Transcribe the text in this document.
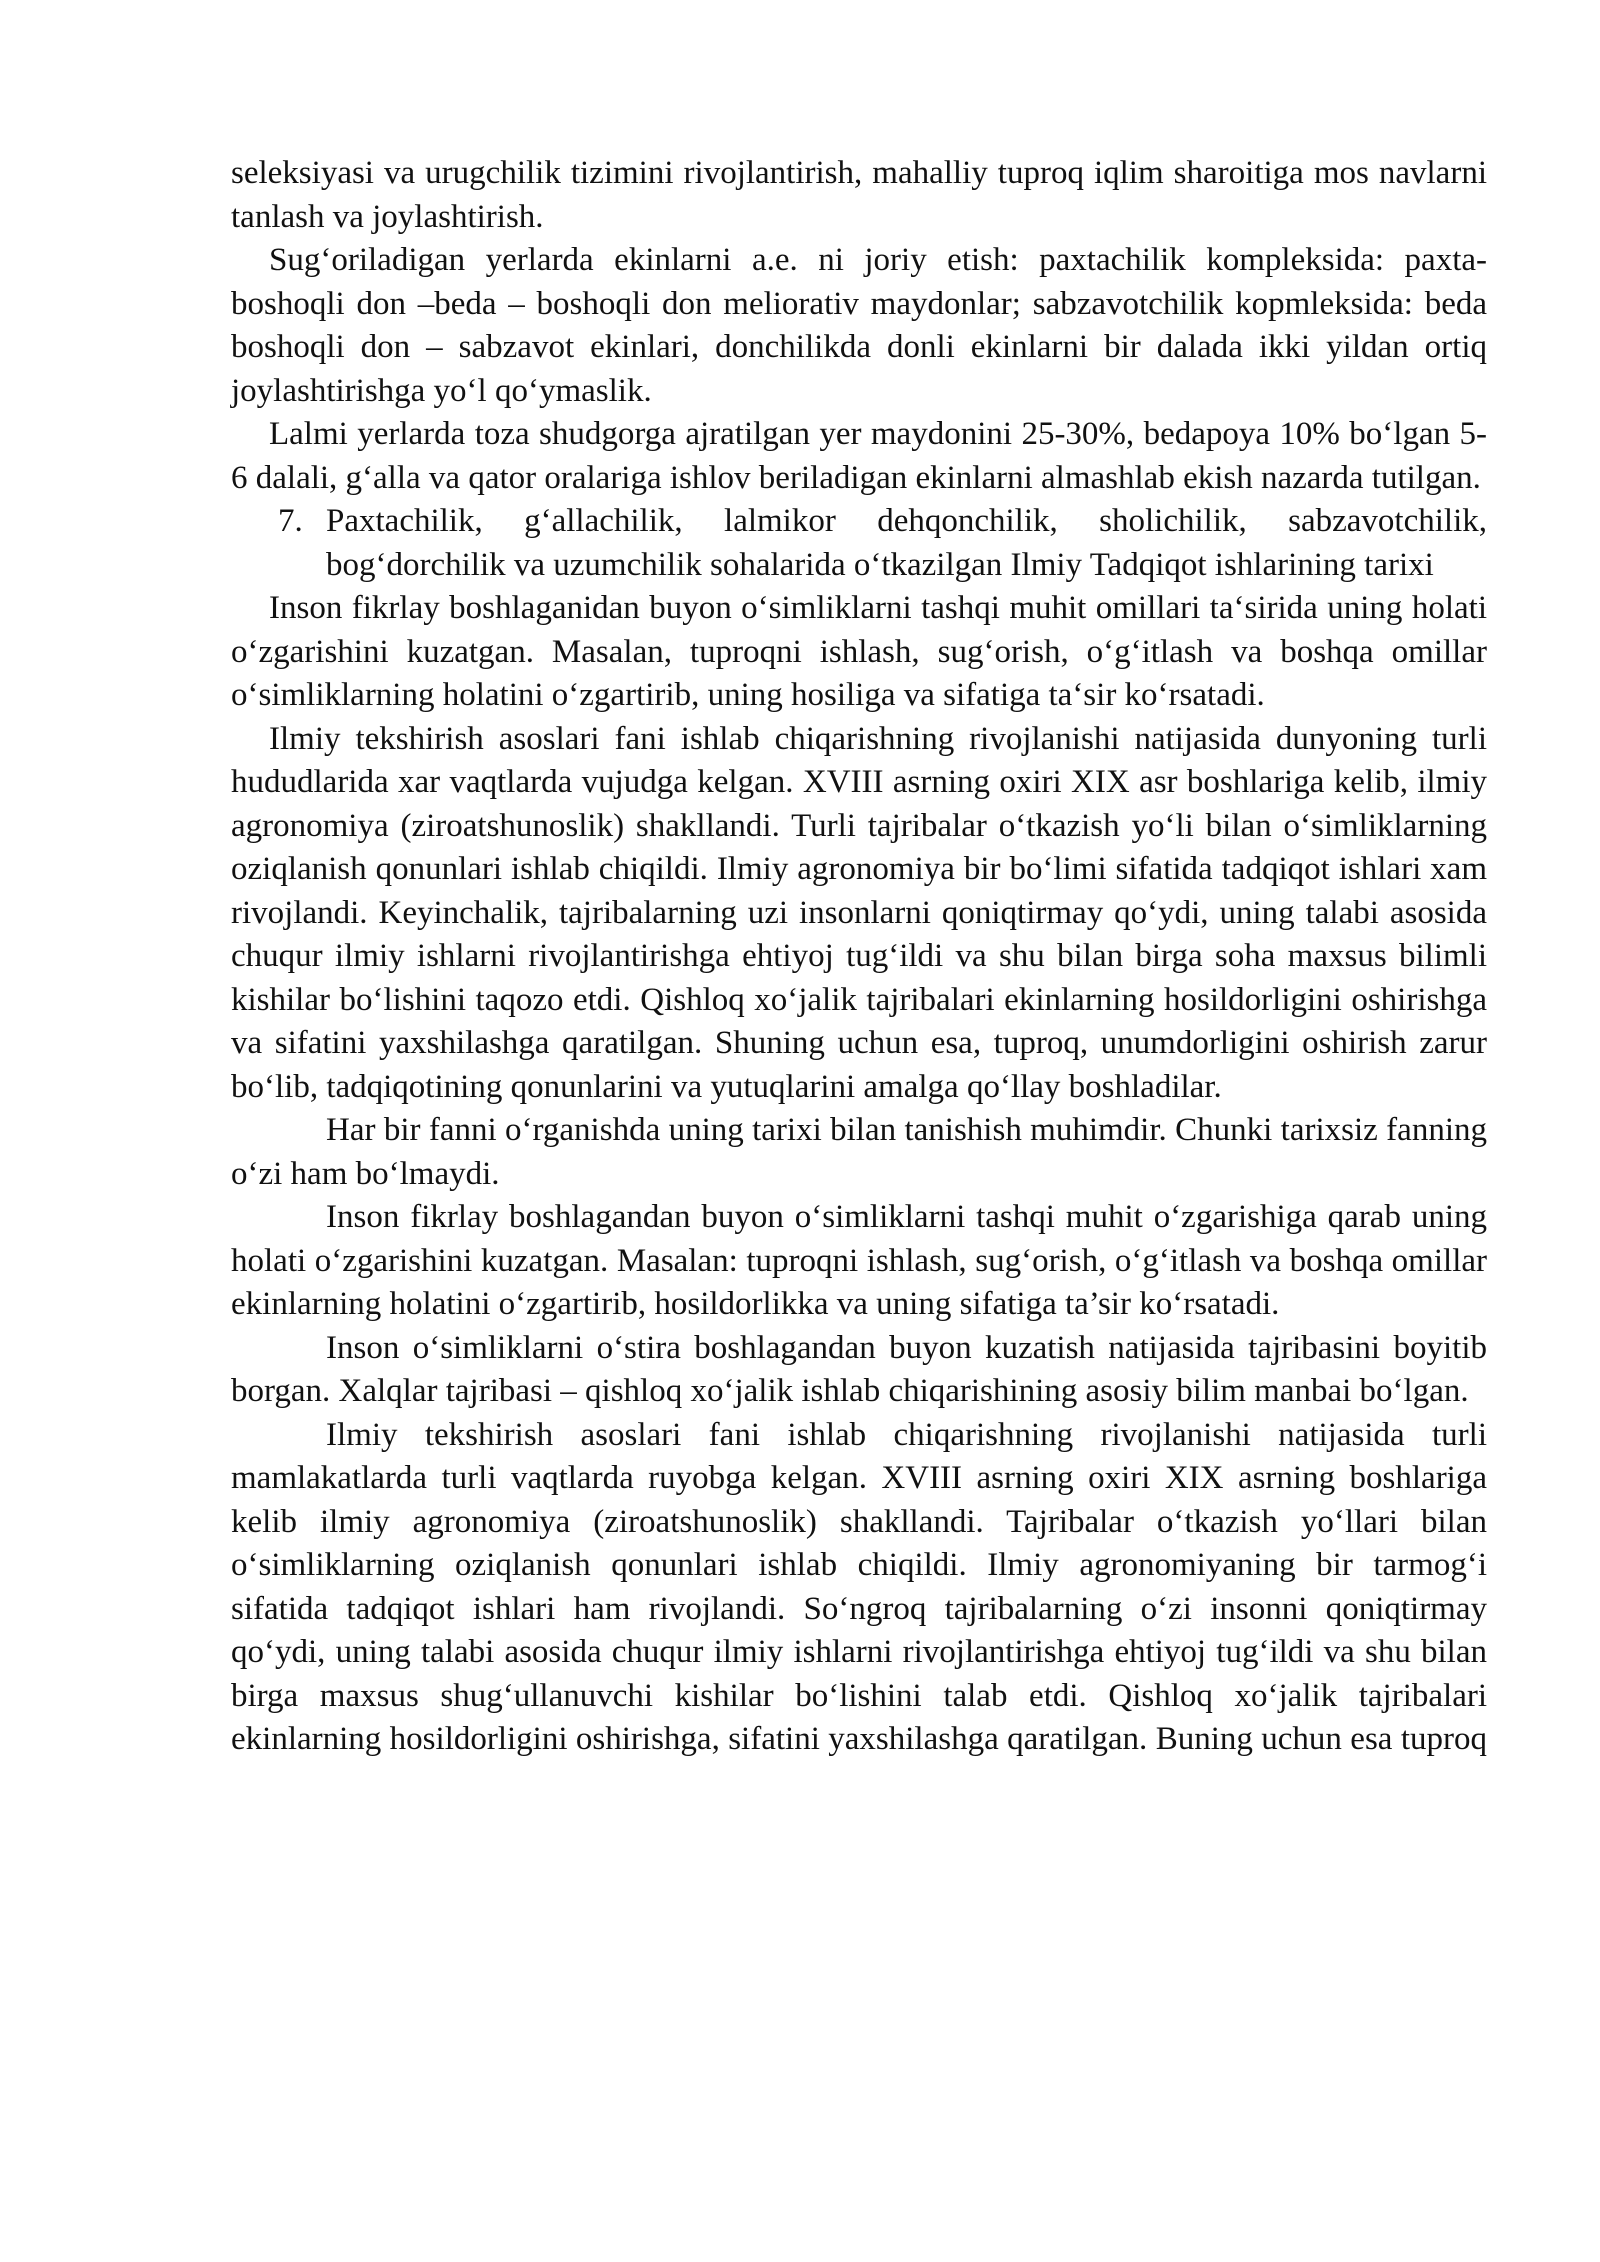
seleksiyasi va urugchilik tizimini rivojlantirish, mahalliy tuproq iqlim sharoitiga mos navlarni tanlash va joylashtirish.

Sug‘oriladigan yerlarda ekinlarni a.e. ni joriy etish: paxtachilik kompleksida: paxta- boshoqli don –beda – boshoqli don meliorativ maydonlar; sabzavotchilik kopmleksida: beda boshoqli don – sabzavot ekinlari, donchilikda donli ekinlarni bir dalada ikki yildan ortiq joylashtirishga yo‘l qo‘ymaslik.

Lalmi yerlarda toza shudgorga ajratilgan yer maydonini 25-30%, bedapoya 10% bo‘lgan 5-6 dalali, g‘alla va qator oralariga ishlov beriladigan ekinlarni almashlab ekish nazarda tutilgan.

7. Paxtachilik, g‘allachilik, lalmikor dehqonchilik, sholichilik, sabzavotchilik, bog‘dorchilik va uzumchilik sohalarida o‘tkazilgan Ilmiy Tadqiqot ishlarining tarixi

Inson fikrlay boshlaganidan buyon o‘simliklarni tashqi muhit omillari ta‘sirida uning holati o‘zgarishini kuzatgan. Masalan, tuproqni ishlash, sug‘orish, o‘g‘itlash va boshqa omillar o‘simliklarning holatini o‘zgartirib, uning hosiliga va sifatiga ta‘sir ko‘rsatadi.

Ilmiy tekshirish asoslari fani ishlab chiqarishning rivojlanishi natijasida dunyoning turli hududlarida xar vaqtlarda vujudga kelgan. XVIII asrning oxiri XIX asr boshlariga kelib, ilmiy agronomiya (ziroatshunoslik) shakllandi. Turli tajribalar o‘tkazish yo‘li bilan o‘simliklarning oziqlanish qonunlari ishlab chiqildi. Ilmiy agronomiya bir bo‘limi sifatida tadqiqot ishlari xam rivojlandi. Keyinchalik, tajribalarning uzi insonlarni qoniqtirmay qo‘ydi, uning talabi asosida chuqur ilmiy ishlarni rivojlantirishga ehtiyoj tug‘ildi va shu bilan birga soha maxsus bilimli kishilar bo‘lishini taqozo etdi. Qishloq xo‘jalik tajribalari ekinlarning hosildorligini oshirishga va sifatini yaxshilashga qaratilgan. Shuning uchun esa, tuproq, unumdorligini oshirish zarur bo‘lib, tadqiqotining qonunlarini va yutuqlarini amalga qo‘llay boshladilar.

Har bir fanni o‘rganishda uning tarixi bilan tanishish muhimdir. Chunki tarixsiz fanning o‘zi ham bo‘lmaydi.

Inson fikrlay boshlagandan buyon o‘simliklarni tashqi muhit o‘zgarishiga qarab uning holati o‘zgarishini kuzatgan. Masalan: tuproqni ishlash, sug‘orish, o‘g‘itlash va boshqa omillar ekinlarning holatini o‘zgartirib, hosildorlikka va uning sifatiga ta’sir ko‘rsatadi.

Inson o‘simliklarni o‘stira boshlagandan buyon kuzatish natijasida tajribasini boyitib borgan. Xalqlar tajribasi – qishloq xo‘jalik ishlab chiqarishining asosiy bilim manbai bo‘lgan.

Ilmiy tekshirish asoslari fani ishlab chiqarishning rivojlanishi natijasida turli mamlakatlarda turli vaqtlarda ruyobga kelgan. XVIII asrning oxiri XIX asrning boshlariga kelib ilmiy agronomiya (ziroatshunoslik) shakllandi. Tajribalar o‘tkazish yo‘llari bilan o‘simliklarning oziqlanish qonunlari ishlab chiqildi. Ilmiy agronomiyaning bir tarmog‘i sifatida tadqiqot ishlari ham rivojlandi. So‘ngroq tajribalarning o‘zi insonni qoniqtirmay qo‘ydi, uning talabi asosida chuqur ilmiy ishlarni rivojlantirishga ehtiyoj tug‘ildi va shu bilan birga maxsus shug‘ullanuvchi kishilar bo‘lishini talab etdi. Qishloq xo‘jalik tajribalari ekinlarning hosildorligini oshirishga, sifatini yaxshilashga qaratilgan. Buning uchun esa tuproq
